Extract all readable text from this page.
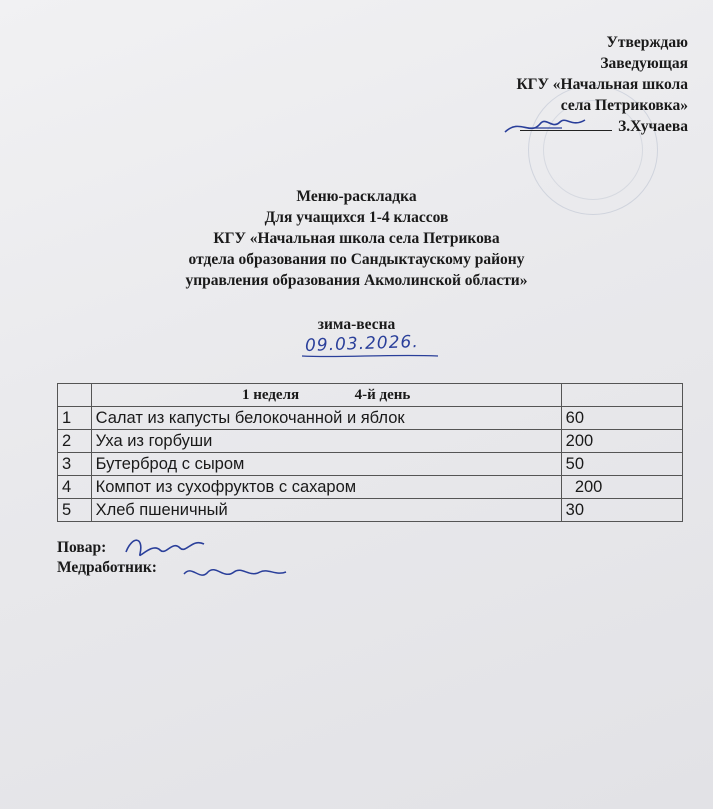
Утверждаю
Заведующая
КГУ «Начальная школа
села Петриковка»
З.Хучаева
Меню-раскладка
Для учащихся 1-4 классов
КГУ «Начальная школа села Петрикова
отдела образования по Сандыктаускому району
управления образования Акмолинской области»
зима-весна
09.03.2026.
	1 неделя 4-й день	
1	Салат из капусты белокочанной и яблок	60
2	Уха из горбуши	200
3	Бутерброд с сыром	50
4	Компот из сухофруктов с сахаром	200
5	Хлеб пшеничный	30
Повар:
Медработник:
